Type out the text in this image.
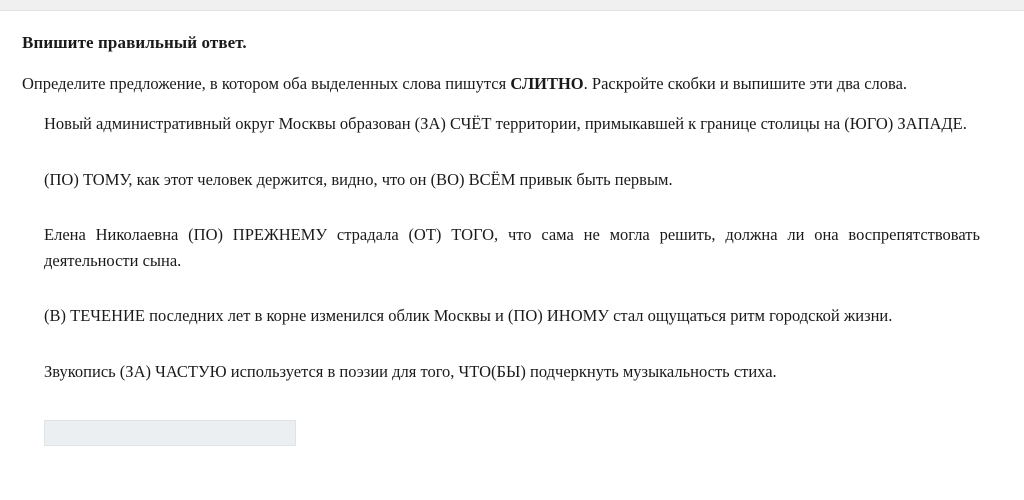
Впишите правильный ответ.

Определите предложение, в котором оба выделенных слова пишутся СЛИТНО. Раскройте скобки и выпишите эти два слова.

Новый административный округ Москвы образован (ЗА) СЧЁТ территории, примыкавшей к границе столицы на (ЮГО) ЗАПАДЕ.

(ПО) ТОМУ, как этот человек держится, видно, что он (ВО) ВСЁМ привык быть первым.

Елена Николаевна (ПО) ПРЕЖНЕМУ страдала (ОТ) ТОГО, что сама не могла решить, должна ли она воспрепятствовать деятельности сына.

(В) ТЕЧЕНИЕ последних лет в корне изменился облик Москвы и (ПО) ИНОМУ стал ощущаться ритм городской жизни.

Звукопись (ЗА) ЧАСТУЮ используется в поэзии для того, ЧТО(БЫ) подчеркнуть музыкальность стиха.
